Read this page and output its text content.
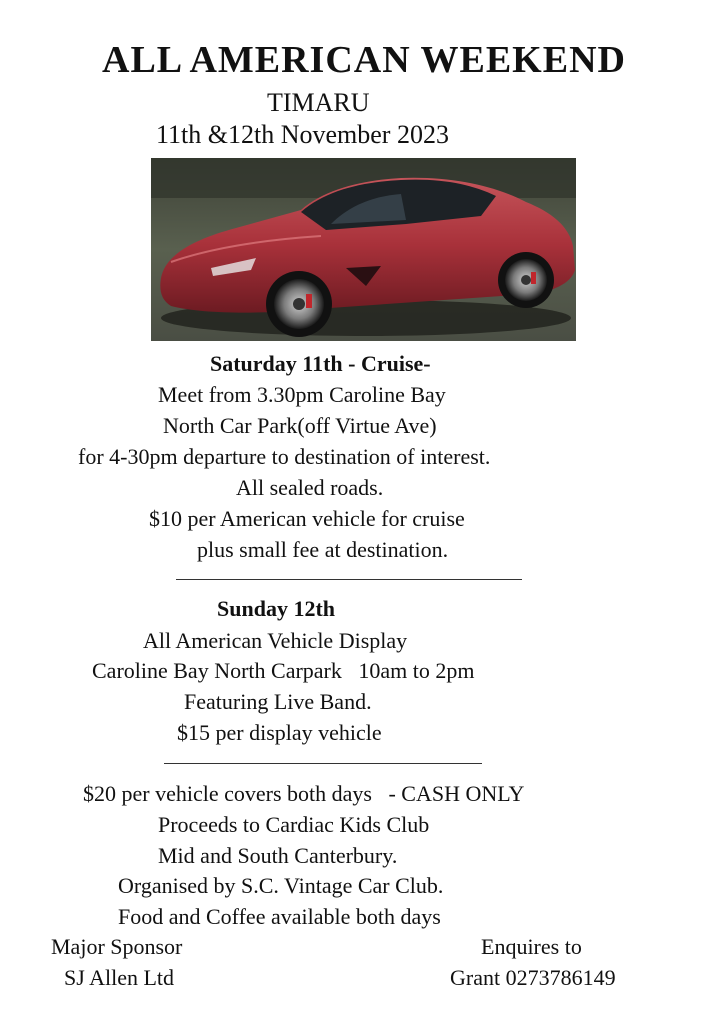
ALL AMERICAN WEEKEND
TIMARU
11th &12th November 2023
Saturday 11th - Cruise-
Meet from 3.30pm Caroline Bay
North Car Park(off Virtue Ave)
for 4-30pm departure to destination of interest.
All sealed roads.
$10 per American vehicle for cruise
plus small fee at destination.
Sunday 12th
All American Vehicle Display
Caroline Bay North Carpark   10am to 2pm
Featuring Live Band.
$15 per display vehicle
$20 per vehicle covers both days   - CASH ONLY
Proceeds to Cardiac Kids Club
Mid and South Canterbury.
Organised by S.C. Vintage Car Club.
Food and Coffee available both days
Major Sponsor
SJ Allen Ltd
Enquires to
Grant 0273786149
